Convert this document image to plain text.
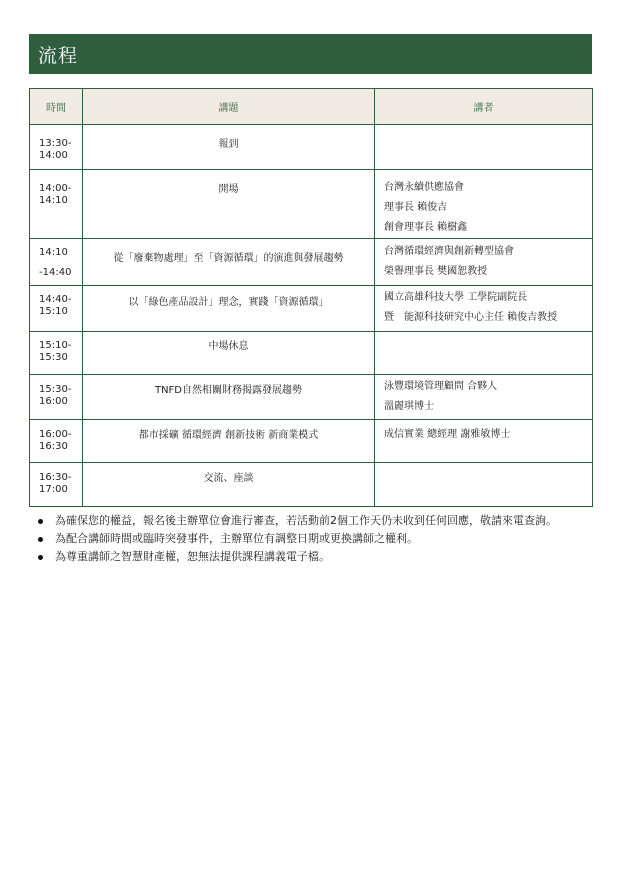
流程
時間	講題	講者

13:30-
14:00	報到	

14:00-
14:10	開場	台灣永續供應協會
理事長 賴俊吉
創會理事長 賴樹鑫

14:10
-14:40	從「廢棄物處理」至「資源循環」的演進與發展趨勢	台灣循環經濟與創新轉型協會
榮譽理事長 樊國恕教授

14:40-
15:10	以「綠色產品設計」理念，實踐「資源循環」	國立高雄科技大學 工學院副院長
暨　能源科技研究中心主任 賴俊吉教授

15:10-
15:30	中場休息	

15:30-
16:00	TNFD自然相關財務揭露發展趨勢	泳豐環境管理顧問 合夥人
溫麗琪博士

16:00-
16:30	都市採礦 循環經濟 創新技術 新商業模式	成信實業 總經理 謝雅敏博士

16:30-
17:00	交流、座談	

為確保您的權益，報名後主辦單位會進行審查，若活動前2個工作天仍未收到任何回應，敬請來電查詢。
為配合講師時間或臨時突發事件，主辦單位有調整日期或更換講師之權利。
為尊重講師之智慧財產權，恕無法提供課程講義電子檔。
